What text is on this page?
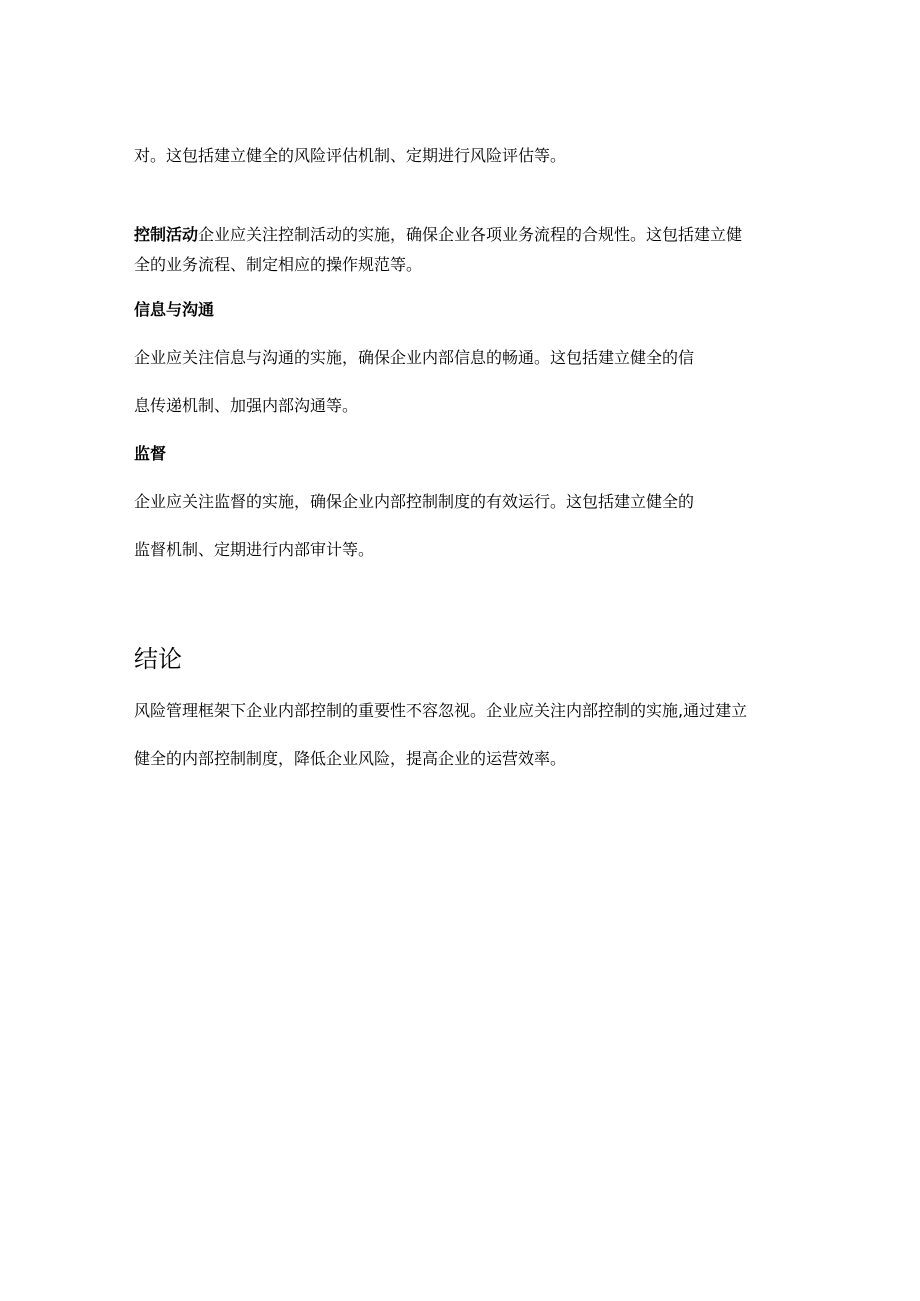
对。这包括建立健全的风险评估机制、定期进行风险评估等。

控制活动企业应关注控制活动的实施，确保企业各项业务流程的合规性。这包括建立健

全的业务流程、制定相应的操作规范等。

信息与沟通

企业应关注信息与沟通的实施，确保企业内部信息的畅通。这包括建立健全的信

息传递机制、加强内部沟通等。

监督

企业应关注监督的实施，确保企业内部控制制度的有效运行。这包括建立健全的

监督机制、定期进行内部审计等。

结论

风险管理框架下企业内部控制的重要性不容忽视。企业应关注内部控制的实施,通过建立

健全的内部控制制度，降低企业风险，提高企业的运营效率。
